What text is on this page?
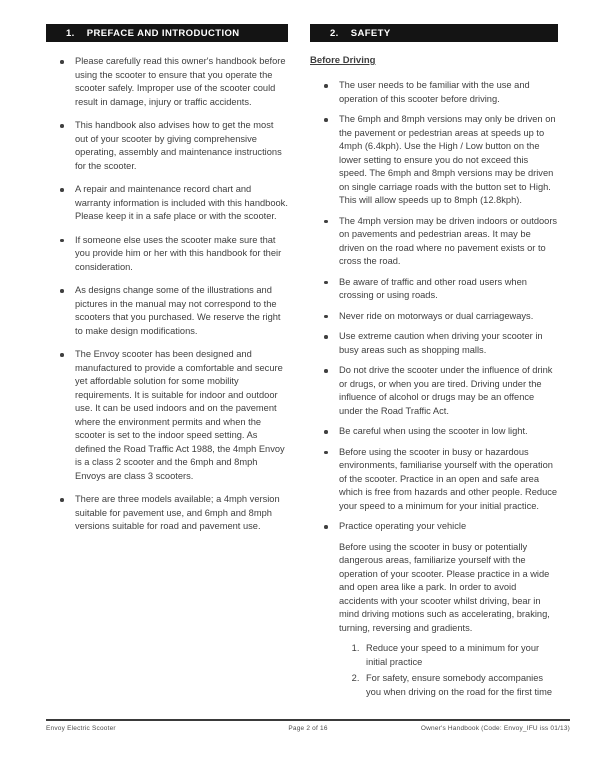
1. PREFACE AND INTRODUCTION
Please carefully read this owner's handbook before using the scooter to ensure that you operate the scooter safely. Improper use of the scooter could result in damage, injury or traffic accidents.
This handbook also advises how to get the most out of your scooter by giving comprehensive operating, assembly and maintenance instructions for the scooter.
A repair and maintenance record chart and warranty information is included with this handbook. Please keep it in a safe place or with the scooter.
If someone else uses the scooter make sure that you provide him or her with this handbook for their consideration.
As designs change some of the illustrations and pictures in the manual may not correspond to the scooters that you purchased. We reserve the right to make design modifications.
The Envoy scooter has been designed and manufactured to provide a comfortable and secure yet affordable solution for some mobility requirements. It is suitable for indoor and outdoor use. It can be used indoors and on the pavement where the environment permits and when the scooter is set to the indoor speed setting. As defined the Road Traffic Act 1988, the 4mph Envoy is a class 2 scooter and the 6mph and 8mph Envoys are class 3 scooters.
There are three models available; a 4mph version suitable for pavement use, and 6mph and 8mph versions suitable for road and pavement use.
2. SAFETY
Before Driving
The user needs to be familiar with the use and operation of this scooter before driving.
The 6mph and 8mph versions may only be driven on the pavement or pedestrian areas at speeds up to 4mph (6.4kph). Use the High / Low button on the lower setting to ensure you do not exceed this speed. The 6mph and 8mph versions may be driven on single carriage roads with the button set to High. This will allow speeds up to 8mph (12.8kph).
The 4mph version may be driven indoors or outdoors on pavements and pedestrian areas. It may be driven on the road where no pavement exists or to cross the road.
Be aware of traffic and other road users when crossing or using roads.
Never ride on motorways or dual carriageways.
Use extreme caution when driving your scooter in busy areas such as shopping malls.
Do not drive the scooter under the influence of drink or drugs, or when you are tired. Driving under the influence of alcohol or drugs may be an offence under the Road Traffic Act.
Be careful when using the scooter in low light.
Before using the scooter in busy or hazardous environments, familiarise yourself with the operation of the scooter. Practice in an open and safe area which is free from hazards and other people. Reduce your speed to a minimum for your initial practice.
Practice operating your vehicle

Before using the scooter in busy or potentially dangerous areas, familiarize yourself with the operation of your scooter. Please practice in a wide and open area like a park. In order to avoid accidents with your scooter whilst driving, bear in mind driving motions such as accelerating, braking, turning, reversing and gradients.

1. Reduce your speed to a minimum for your initial practice
2. For safety, ensure somebody accompanies you when driving on the road for the first time
Envoy Electric Scooter	Page 2 of 16	Owner's Handbook (Code: Envoy_IFU iss 01/13)
